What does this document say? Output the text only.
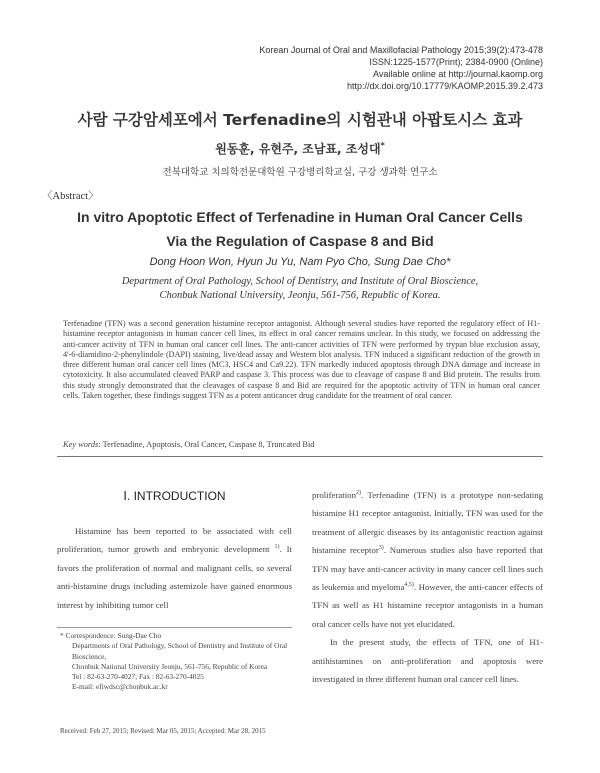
Korean Journal of Oral and Maxillofacial Pathology 2015;39(2):473-478
ISSN:1225-1577(Print); 2384-0900 (Online)
Available online at http://journal.kaomp.org
http://dx.doi.org/10.17779/KAOMP.2015.39.2.473
사람 구강암세포에서 Terfenadine의 시험관내 아팝토시스 효과
원동훈, 유현주, 조남표, 조성대*
전북대학교 치의학전문대학원 구강병리학교실, 구강 생과학 연구소
〈Abstract〉
In vitro Apoptotic Effect of Terfenadine in Human Oral Cancer Cells
Via the Regulation of Caspase 8 and Bid
Dong Hoon Won, Hyun Ju Yu, Nam Pyo Cho, Sung Dae Cho*
Department of Oral Pathology, School of Dentistry, and Institute of Oral Bioscience,
Chonbuk National University, Jeonju, 561-756, Republic of Korea.
Terfenadine (TFN) was a second generation histamine receptor antagonist. Although several studies have reported the regulatory effect of H1-histamine receptor antagonists in human cancer cell lines, its effect in oral cancer remains unclear. In this study, we focused on addressing the anti-cancer activity of TFN in human oral cancer cell lines. The anti-cancer activities of TFN were performed by trypan blue exclusion assay, 4'-6-diamidino-2-phenylindole (DAPI) staining, live/dead assay and Western blot analysis. TFN induced a significant reduction of the growth in three different human oral cancer cell lines (MC3, HSC4 and Ca9.22). TFN markedly induced apoptosis through DNA damage and increase in cytotoxicity. It also accumulated cleaved PARP and caspase 3. This process was due to cleavage of caspase 8 and Bid protein. The results from this study strongly demonstrated that the cleavages of caspase 8 and Bid are required for the apoptotic activity of TFN in human oral cancer cells. Taken together, these findings suggest TFN as a potent anticancer drug candidate for the treatment of oral cancer.
Key words: Terfenadine, Apoptosis, Oral Cancer, Caspase 8, Truncated Bid
Ⅰ. INTRODUCTION

Histamine has been reported to be associated with cell proliferation, tumor growth and embryonic development $^{1)}$. It favors the proliferation of normal and malignant cells, so several anti-histamine drugs including astemizole have gained enormous interest by inhibiting tumor cell

proliferation$^{2)}$. Terfenadine (TFN) is a prototype non-sedating histamine H1 receptor antagonist. Initially, TFN was used for the treatment of allergic diseases by its antagonistic reaction against histamine receptor$^{3)}$. Numerous studies also have reported that TFN may have anti-cancer activity in many cancer cell lines such as leukemia and myeloma$^{4,5)}$. However, the anti-cancer effects of TFN as well as H1 histamine receptor antagonists in a human oral cancer cells have not yet elucidated.

In the present study, the effects of TFN, one of H1-antihistamines on anti-proliferation and apoptosis were investigated in three different human oral cancer cell lines.

* Correspondence: Sung-Dae Cho
Departments of Oral Pathology, School of Dentistry and Institute of Oral Bioscience,
Chonbuk National University Jeonju, 561-756, Republic of Korea
Tel : 82-63-270-4027; Fax : 82-63-270-4025
E-mail: efiwdsc@chonbuk.ac.kr
Received: Feb 27, 2015; Revised: Mar 05, 2015; Accepted: Mar 28, 2015
